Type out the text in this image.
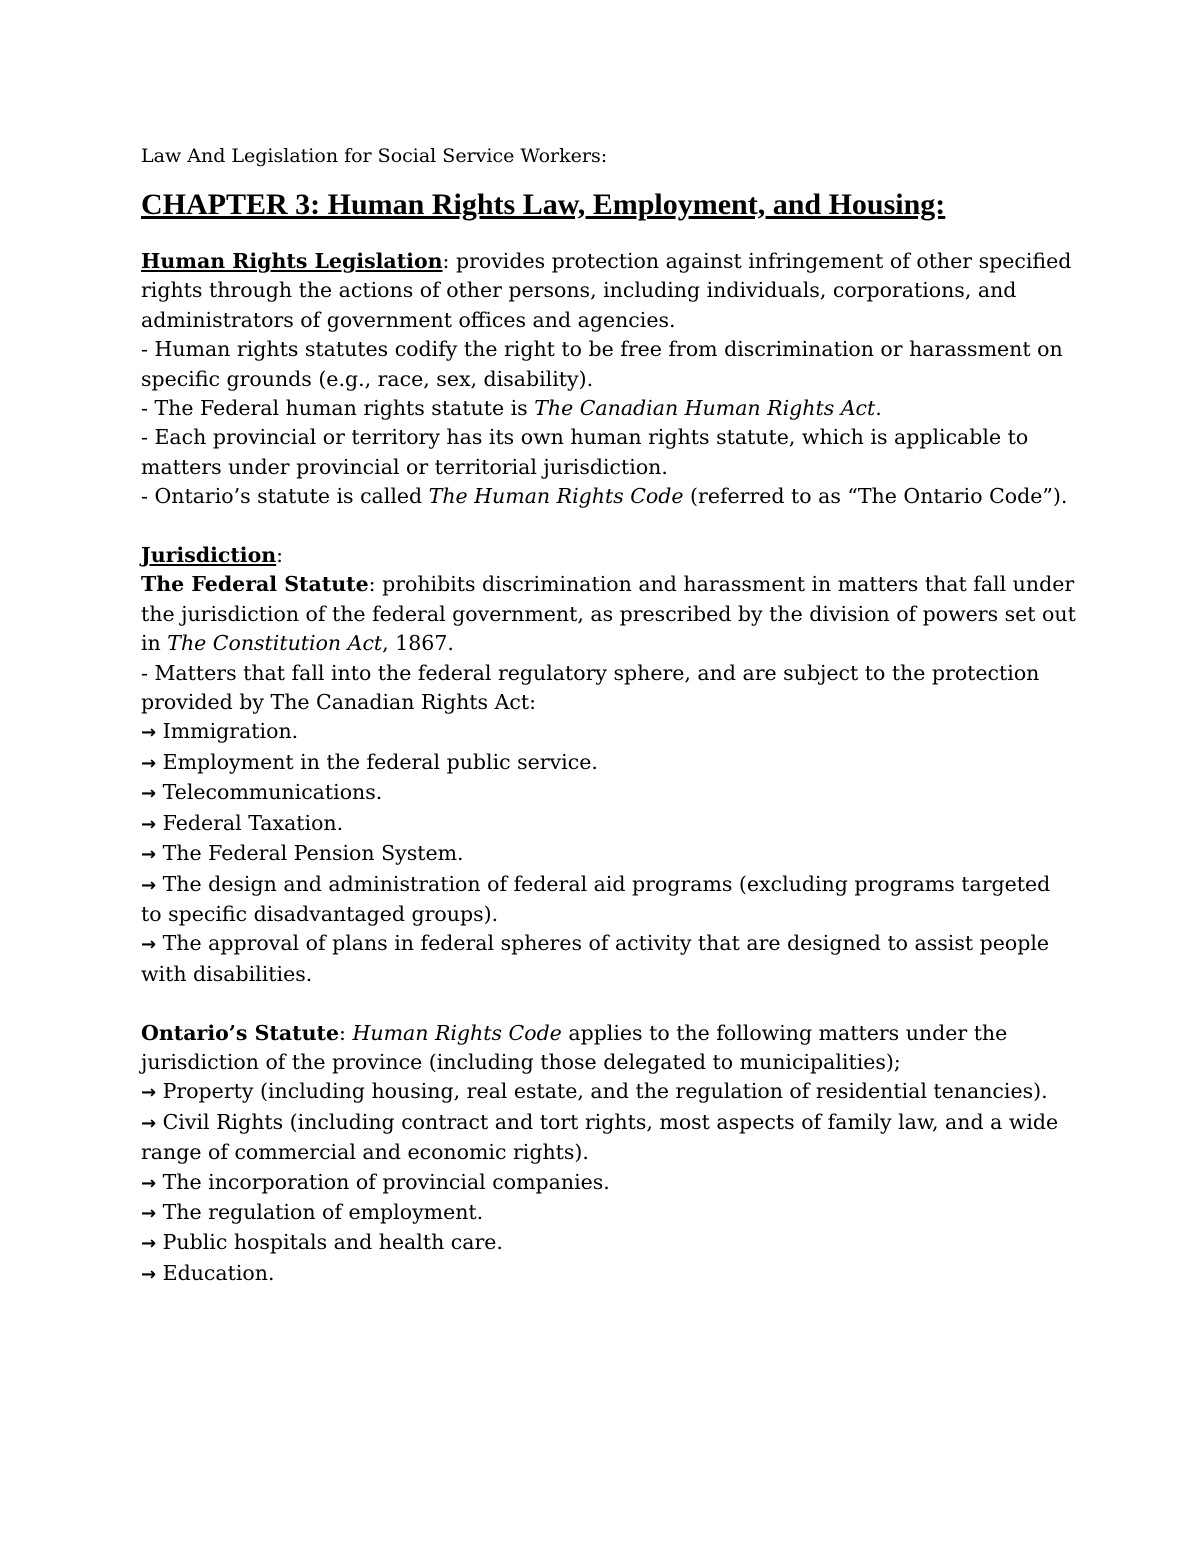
Law And Legislation for Social Service Workers:

CHAPTER 3: Human Rights Law, Employment, and Housing:

Human Rights Legislation: provides protection against infringement of other specified rights through the actions of other persons, including individuals, corporations, and administrators of government offices and agencies.

- Human rights statutes codify the right to be free from discrimination or harassment on specific grounds (e.g., race, sex, disability).

- The Federal human rights statute is The Canadian Human Rights Act.

- Each provincial or territory has its own human rights statute, which is applicable to matters under provincial or territorial jurisdiction.

- Ontario’s statute is called The Human Rights Code (referred to as “The Ontario Code”).

Jurisdiction:

The Federal Statute: prohibits discrimination and harassment in matters that fall under the jurisdiction of the federal government, as prescribed by the division of powers set out in The Constitution Act, 1867.

- Matters that fall into the federal regulatory sphere, and are subject to the protection provided by The Canadian Rights Act:

→ Immigration.

→ Employment in the federal public service.

→ Telecommunications.

→ Federal Taxation.

→ The Federal Pension System.

→ The design and administration of federal aid programs (excluding programs targeted to specific disadvantaged groups).

→ The approval of plans in federal spheres of activity that are designed to assist people with disabilities.

Ontario’s Statute: Human Rights Code applies to the following matters under the jurisdiction of the province (including those delegated to municipalities);

→ Property (including housing, real estate, and the regulation of residential tenancies).

→ Civil Rights (including contract and tort rights, most aspects of family law, and a wide range of commercial and economic rights).

→ The incorporation of provincial companies.

→ The regulation of employment.

→ Public hospitals and health care.

→ Education.
